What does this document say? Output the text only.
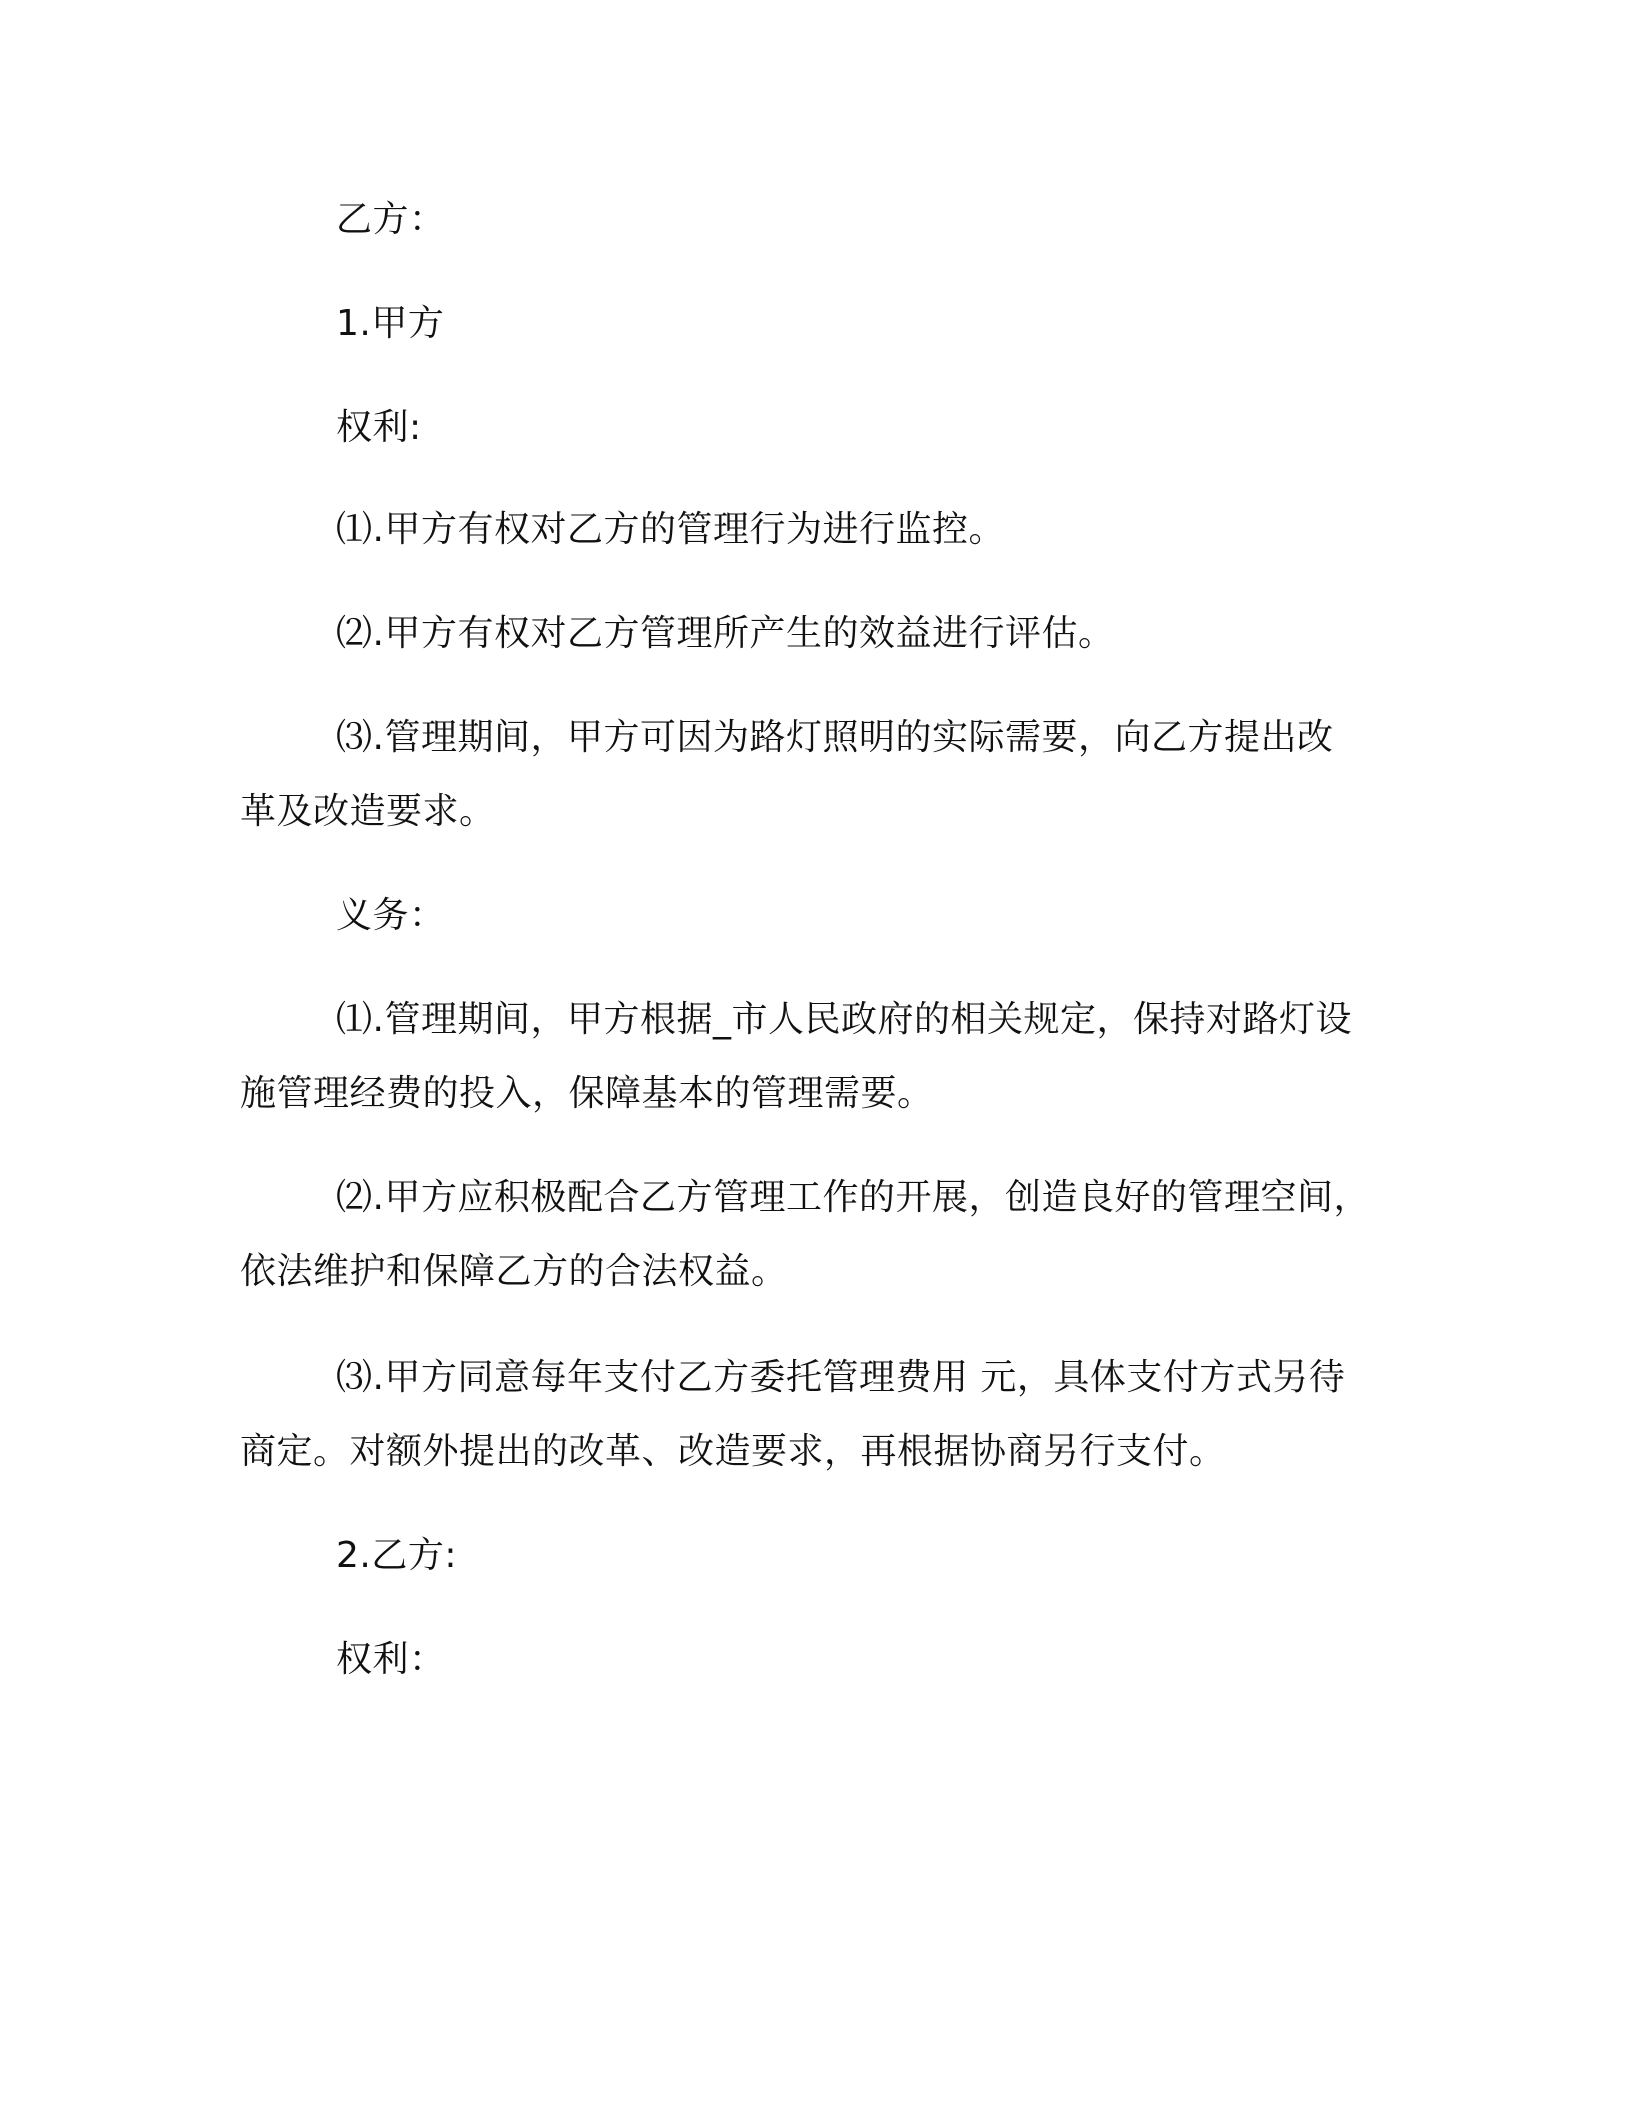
乙方：
1.甲方
权利:
⑴.甲方有权对乙方的管理行为进行监控。
⑵.甲方有权对乙方管理所产生的效益进行评估。
⑶.管理期间，甲方可因为路灯照明的实际需要，向乙方提出改
革及改造要求。
义务：
⑴.管理期间，甲方根据_市人民政府的相关规定，保持对路灯设
施管理经费的投入，保障基本的管理需要。
⑵.甲方应积极配合乙方管理工作的开展，创造良好的管理空间，
依法维护和保障乙方的合法权益。
⑶.甲方同意每年支付乙方委托管理费用 元，具体支付方式另待
商定。对额外提出的改革、改造要求，再根据协商另行支付。
2.乙方:
权利：
